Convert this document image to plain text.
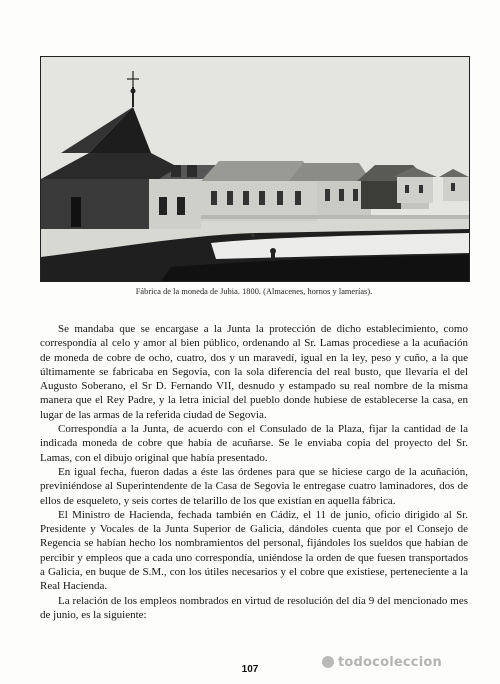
Fábrica de la moneda de Jubia. 1800. (Almacenes, hornos y lamerías).

Se mandaba que se encargase a la Junta la protección de dicho establecimiento, como correspondía al celo y amor al bien público, ordenando al Sr. Lamas procediese a la acuñación de moneda de cobre de ocho, cuatro, dos y un maravedí, igual en la ley, peso y cuño, a la que últimamente se fabricaba en Segovia, con la sola diferencia del real busto, que llevaría el del Augusto Soberano, el Sr D. Fernando VII, desnudo y estampado su real nombre de la misma manera que el Rey Padre, y la letra inicial del pueblo donde hubiese de establecerse la casa, en lugar de las armas de la referida ciudad de Segovia.

Correspondía a la Junta, de acuerdo con el Consulado de la Plaza, fijar la cantidad de la indicada moneda de cobre que había de acuñarse. Se le enviaba copia del proyecto del Sr. Lamas, con el dibujo original que había presentado.

En igual fecha, fueron dadas a éste las órdenes para que se hiciese cargo de la acuñación, previniéndose al Superintendente de la Casa de Segovia le entregase cuatro laminadores, dos de ellos de esqueleto, y seis cortes de telarillo de los que existían en aquella fábrica.

El Ministro de Hacienda, fechada también en Cádiz, el 11 de junio, oficio dirigido al Sr. Presidente y Vocales de la Junta Superior de Galicia, dándoles cuenta que por el Consejo de Regencia se habían hecho los nombramientos del personal, fijándoles los sueldos que habían de percibir y empleos que a cada uno correspondía, uniéndose la orden de que fuesen transportados a Galicia, en buque de S.M., con los útiles necesarios y el cobre que existiese, perteneciente a la Real Hacienda.

La relación de los empleos nombrados en virtud de resolución del día 9 del mencionado mes de junio, es la siguiente:

todocoleccion
107
